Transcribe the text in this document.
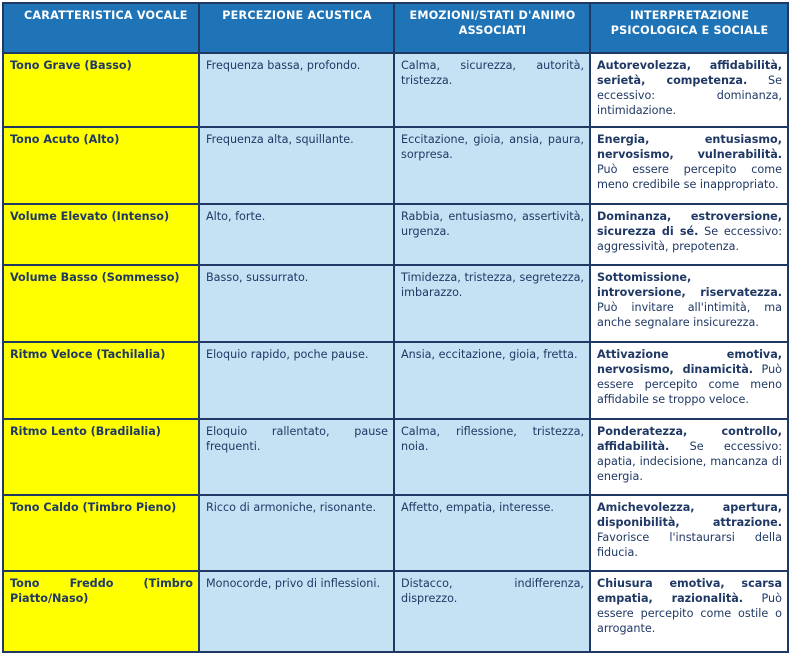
CARATTERISTICA VOCALE	PERCEZIONE ACUSTICA	EMOZIONI/STATI D'ANIMO ASSOCIATI	INTERPRETAZIONE PSICOLOGICA E SOCIALE
Tono Grave (Basso)	Frequenza bassa, profondo.	Calma, sicurezza, autorità, tristezza.	Autorevolezza, affidabilità, serietà, competenza. Se eccessivo: dominanza, intimidazione.
Tono Acuto (Alto)	Frequenza alta, squillante.	Eccitazione, gioia, ansia, paura, sorpresa.	Energia, entusiasmo, nervosismo, vulnerabilità. Può essere percepito come meno credibile se inappropriato.
Volume Elevato (Intenso)	Alto, forte.	Rabbia, entusiasmo, assertività, urgenza.	Dominanza, estroversione, sicurezza di sé. Se eccessivo: aggressività, prepotenza.
Volume Basso (Sommesso)	Basso, sussurrato.	Timidezza, tristezza, segretezza, imbarazzo.	Sottomissione, introversione, riservatezza. Può invitare all'intimità, ma anche segnalare insicurezza.
Ritmo Veloce (Tachilalia)	Eloquio rapido, poche pause.	Ansia, eccitazione, gioia, fretta.	Attivazione emotiva, nervosismo, dinamicità. Può essere percepito come meno affidabile se troppo veloce.
Ritmo Lento (Bradilalia)	Eloquio rallentato, pause frequenti.	Calma, riflessione, tristezza, noia.	Ponderatezza, controllo, affidabilità. Se eccessivo: apatia, indecisione, mancanza di energia.
Tono Caldo (Timbro Pieno)	Ricco di armoniche, risonante.	Affetto, empatia, interesse.	Amichevolezza, apertura, disponibilità, attrazione. Favorisce l'instaurarsi della fiducia.
Tono Freddo (Timbro Piatto/Naso)	Monocorde, privo di inflessioni.	Distacco, indifferenza, disprezzo.	Chiusura emotiva, scarsa empatia, razionalità. Può essere percepito come ostile o arrogante.
